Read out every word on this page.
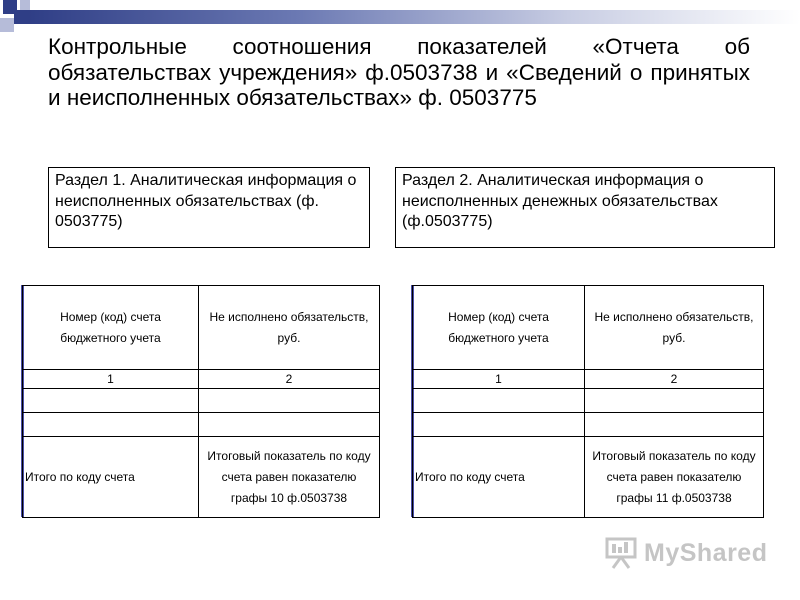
Контрольные соотношения показателей «Отчета об обязательствах учреждения» ф.0503738 и «Сведений о принятых и неисполненных обязательствах» ф. 0503775
Раздел 1. Аналитическая информация о неисполненных обязательствах (ф. 0503775)
Раздел 2. Аналитическая информация о неисполненных денежных обязательствах (ф.0503775)
Номер (код) счета бюджетного учета	Не исполнено обязательств, руб.
1	2

Итого по коду счета	Итоговый показатель по коду счета равен показателю графы 10 ф.0503738
Номер (код) счета бюджетного учета	Не исполнено обязательств, руб.
1	2

Итого по коду счета	Итоговый показатель по коду счета равен показателю графы 11 ф.0503738
MyShared
